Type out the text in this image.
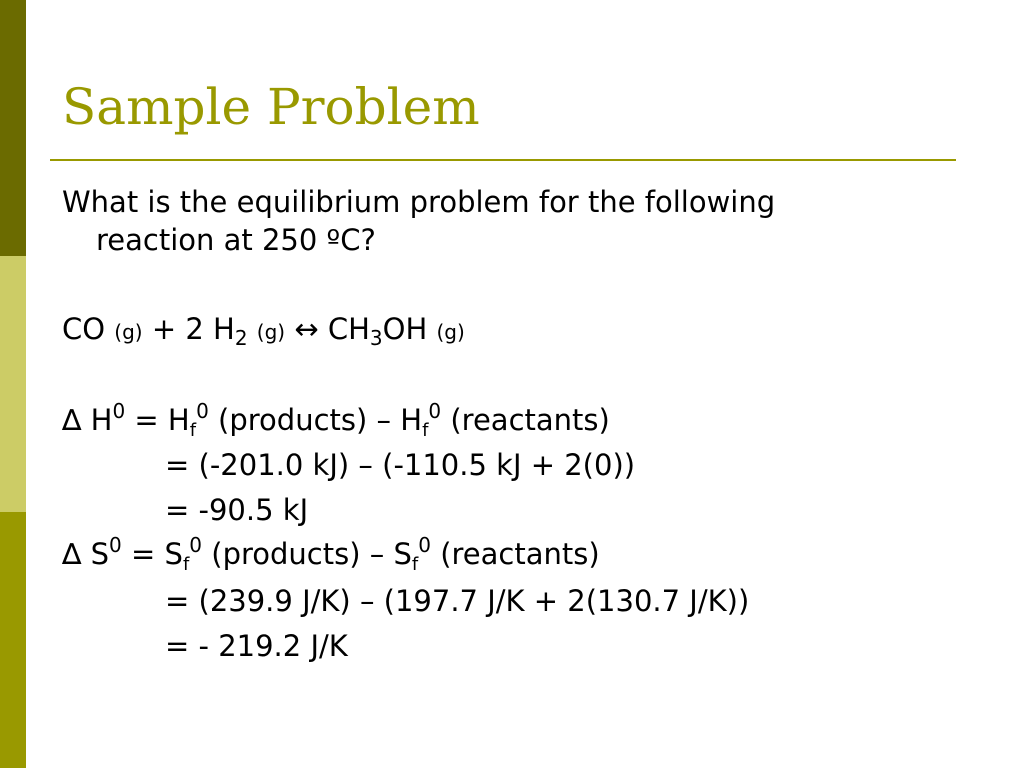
Sample Problem
What is the equilibrium problem for the following
reaction at 250 ºC?
CO (g) + 2 $H_2$ (g) ↔ $CH_3OH$ (g)
∆ $H^0 = H_f^0$ (products) – $H_f^0$ (reactants)
= (-201.0 kJ) – (-110.5 kJ + 2(0))
= -90.5 kJ
∆ $S^0 = S_f^0$ (products) – $S_f^0$ (reactants)
= (239.9 J/K) – (197.7 J/K + 2(130.7 J/K))
= - 219.2 J/K
